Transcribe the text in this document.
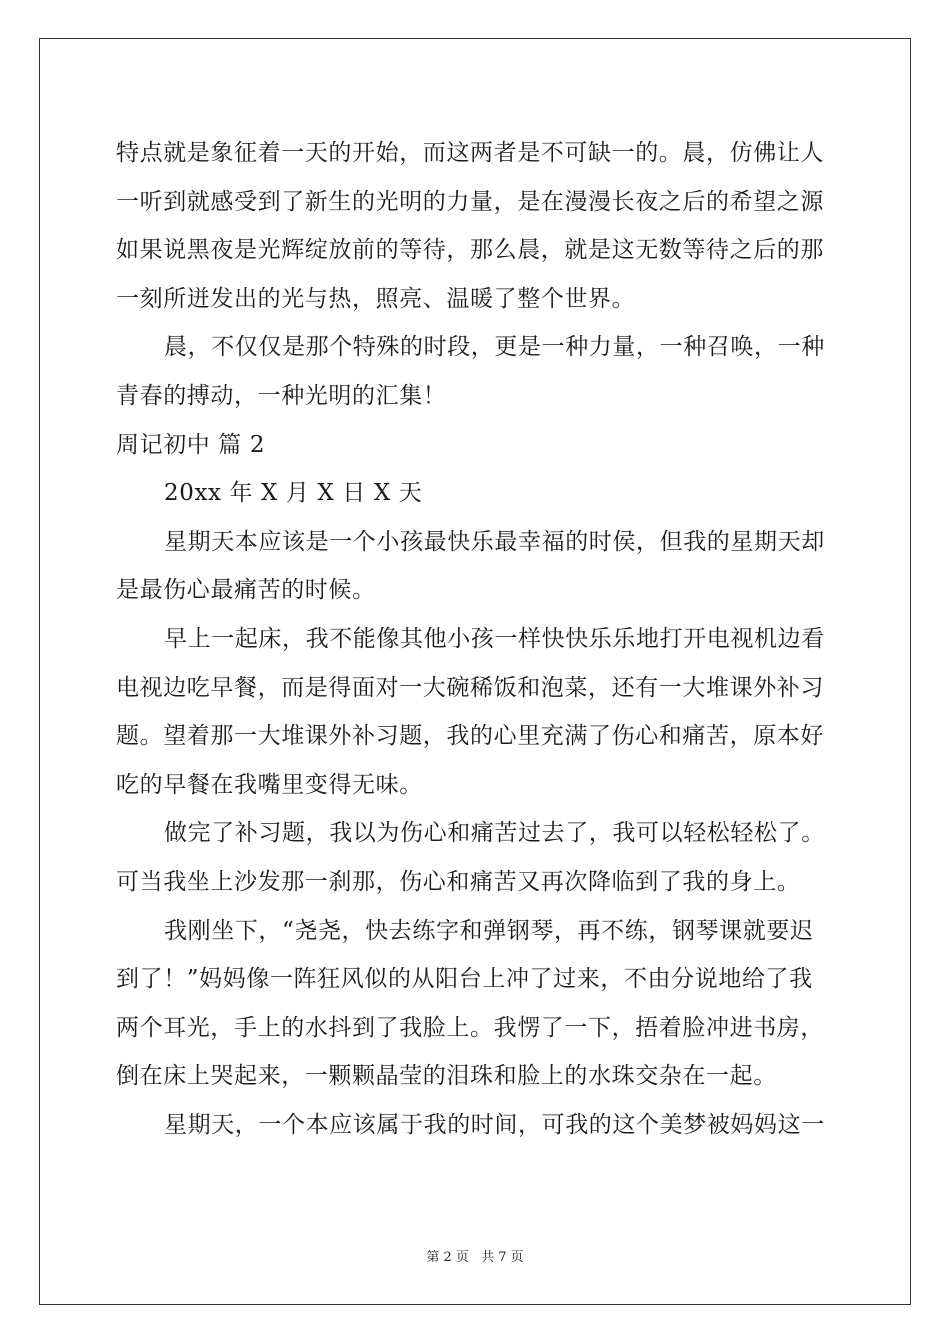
特点就是象征着一天的开始，而这两者是不可缺一的。晨，仿佛让人
一听到就感受到了新生的光明的力量，是在漫漫长夜之后的希望之源
如果说黑夜是光辉绽放前的等待，那么晨，就是这无数等待之后的那
一刻所迸发出的光与热，照亮、温暖了整个世界。
晨，不仅仅是那个特殊的时段，更是一种力量，一种召唤，一种
青春的搏动，一种光明的汇集！
周记初中 篇 2
20xx 年 X 月 X 日 X 天
星期天本应该是一个小孩最快乐最幸福的时侯，但我的星期天却
是最伤心最痛苦的时候。
早上一起床，我不能像其他小孩一样快快乐乐地打开电视机边看
电视边吃早餐，而是得面对一大碗稀饭和泡菜，还有一大堆课外补习
题。望着那一大堆课外补习题，我的心里充满了伤心和痛苦，原本好
吃的早餐在我嘴里变得无味。
做完了补习题，我以为伤心和痛苦过去了，我可以轻松轻松了。
可当我坐上沙发那一刹那，伤心和痛苦又再次降临到了我的身上。
我刚坐下，“尧尧，快去练字和弹钢琴，再不练，钢琴课就要迟
到了！”妈妈像一阵狂风似的从阳台上冲了过来，不由分说地给了我
两个耳光，手上的水抖到了我脸上。我愣了一下，捂着脸冲进书房，
倒在床上哭起来，一颗颗晶莹的泪珠和脸上的水珠交杂在一起。
星期天，一个本应该属于我的时间，可我的这个美梦被妈妈这一
第 2 页 共 7 页
